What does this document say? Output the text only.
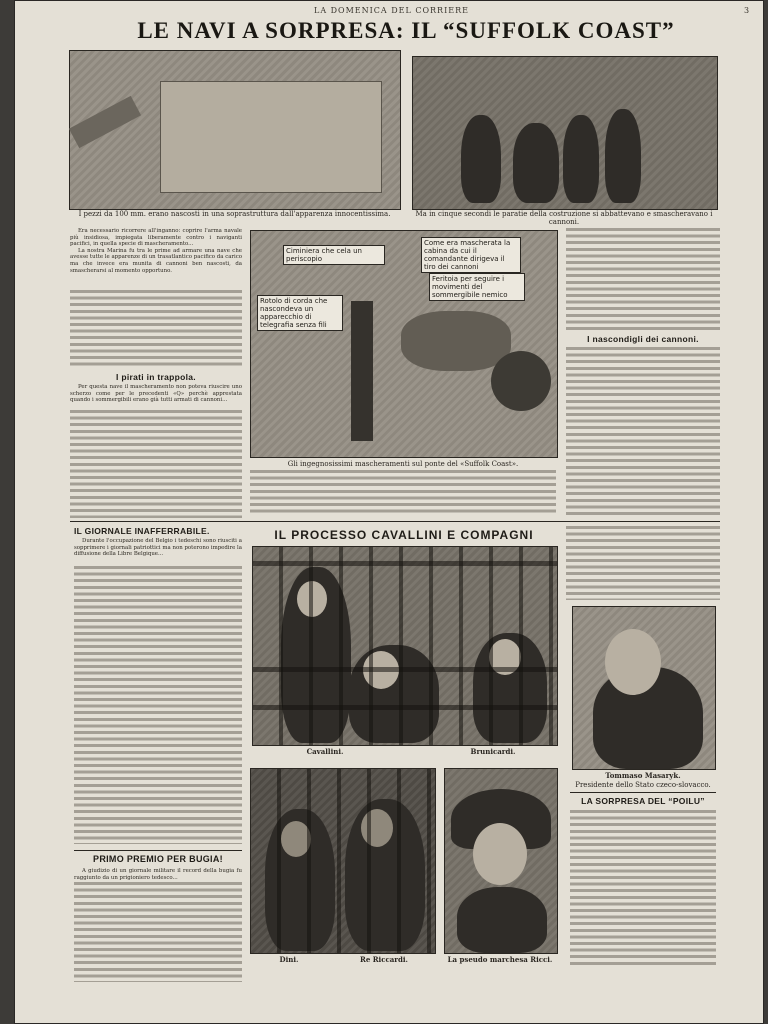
LA DOMENICA DEL CORRIERE	3
LE NAVI A SORPRESA: IL “SUFFOLK COAST”
I pezzi da 100 mm. erano nascosti in una soprastruttura dall'apparenza innocentissima.	Ma in cinque secondi le paratie della costruzione si abbattevano e smascheravano i cannoni.

Era necessario ricorrere all'inganno: coprire l'arma navale più insidiosa, impiegata liberamente contro i naviganti pacifici, in quella specie di mascheramento...

La nostra Marina fu tra le prime ad armare una nave che avesse tutte le apparenze di un trasatlantico pacifico da carico ma che invece era munita di cannoni ben nascosti, da smascherarsi al momento opportuno.

I pirati in trappola.

Per questa nave il mascheramento non poteva riuscire uno scherzo come per le precedenti «Q» perchè apprestata quando i sommergibili erano già tutti armati di cannoni...

Ciminiera che cela un periscopio
Come era mascherata la cabina da cui il comandante dirigeva il tiro dei cannoni
Feritoia per seguire i movimenti del sommergibile nemico
Rotolo di corda che nascondeva un apparecchio di telegrafia senza fili
Gli ingegnosissimi mascheramenti sul ponte del «Suffolk Coast».
I nascondigli dei cannoni.
IL GIORNALE INAFFERRABILE.

Durante l'occupazione del Belgio i tedeschi sono riusciti a sopprimere i giornali patriottici ma non poterono impedire la diffusione della Libre Belgique...

PRIMO PREMIO PER BUGIA!

A giudizio di un giornale militare il record della bugia fu raggiunto da un prigioniero tedesco...

IL PROCESSO CAVALLINI E COMPAGNI
Cavallini.	Brunicardi.
Tommaso Masaryk.
Presidente dello Stato czeco-slovacco.
LA SORPRESA DEL “POILU”
Dini.	Re Riccardi.	La pseudo marchesa Ricci.
